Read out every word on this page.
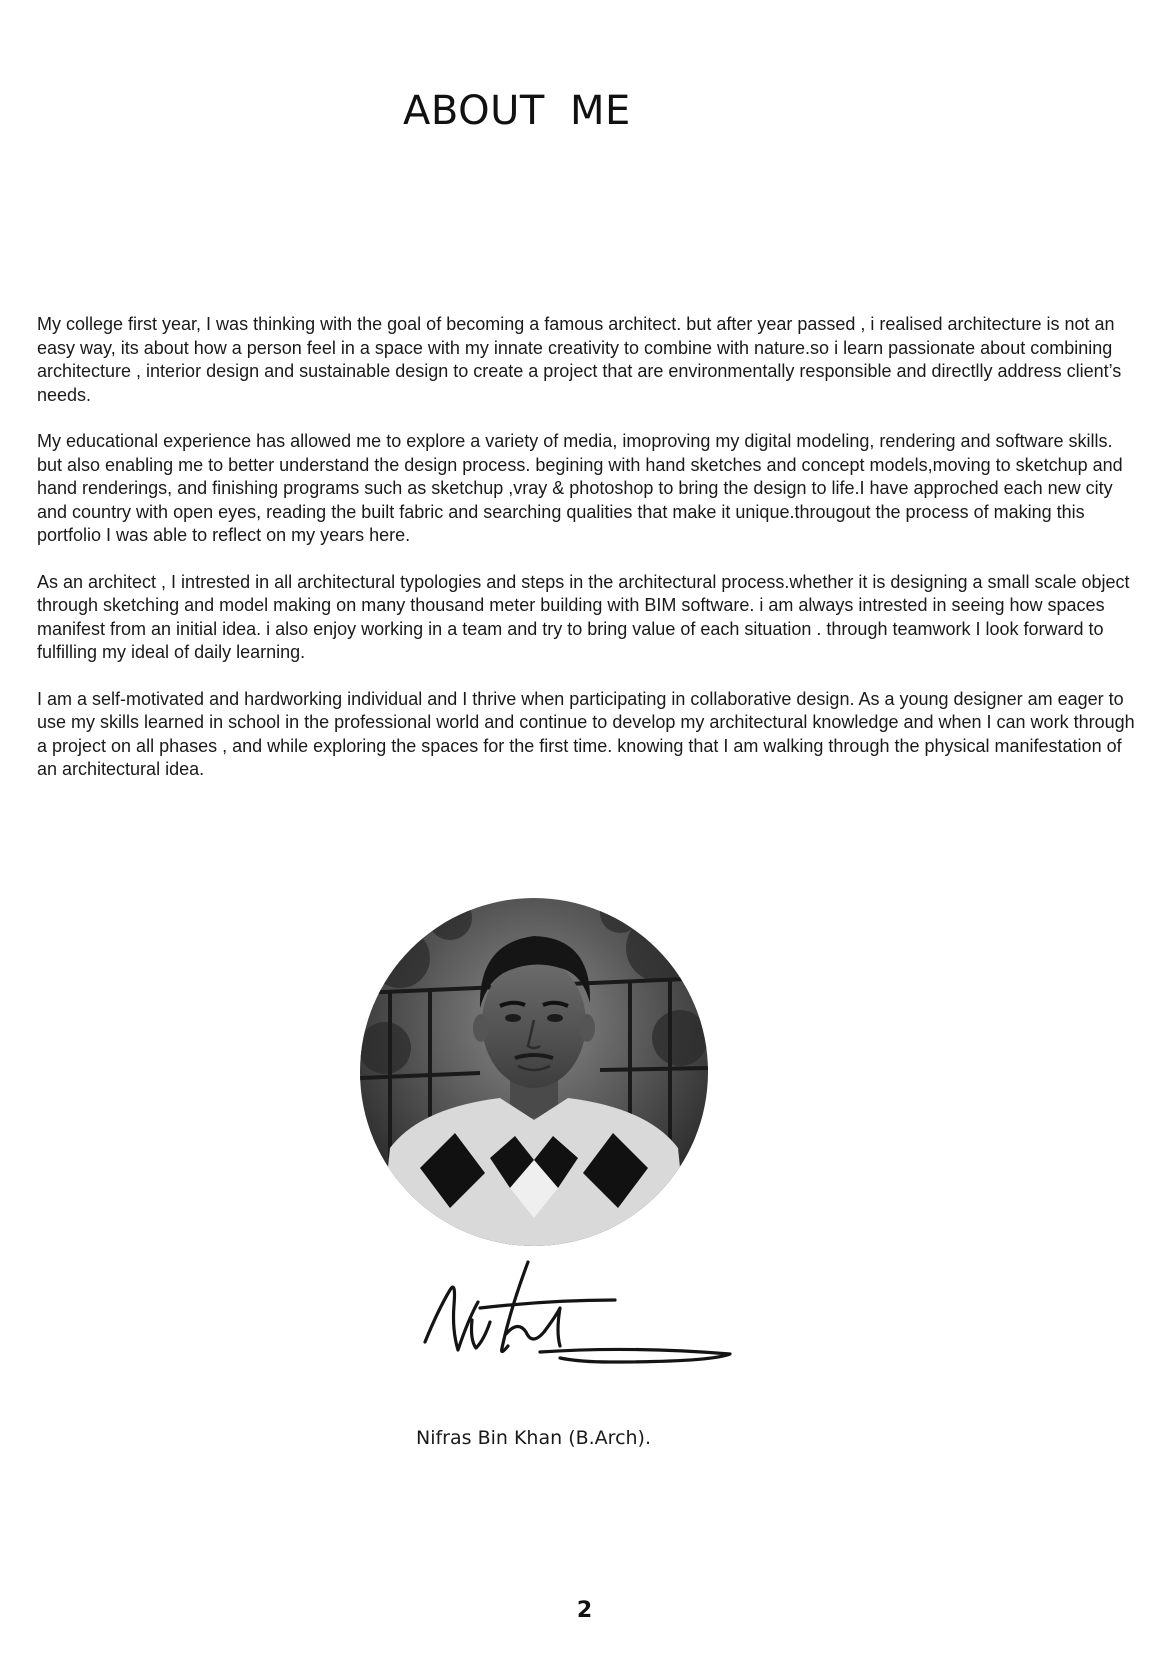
ABOUT ME

My college first year, I was thinking with the goal of becoming a famous architect. but after year passed , i realised architecture is not an easy way, its about how a person feel in a space with my innate creativity to combine with nature.so i learn passionate about combining architecture , interior design and sustainable design to create a project that are environmentally responsible and directlly address client’s needs.

My educational experience has allowed me to explore a variety of media, imoproving my digital modeling, rendering and software skills. but also enabling me to better understand the design process. begining with hand sketches and concept models,moving to sketchup and hand renderings, and finishing programs such as sketchup ,vray & photoshop to bring the design to life.I have approched each new city and country with open eyes, reading the built fabric and searching qualities that make it unique.througout the process of making this portfolio I was able to reflect on my years here.

As an architect , I intrested in all architectural typologies and steps in the architectural process.whether it is designing a small scale object through sketching and model making on many thousand meter building with BIM software. i am always intrested in seeing how spaces manifest from an initial idea. i also enjoy working in a team and try to bring value of each situation . through teamwork I look forward to fulfilling my ideal of daily learning.

I am a self-motivated and hardworking individual and I thrive when participating in collaborative design. As a young designer am eager to use my skills learned in school in the professional world and continue to develop my architectural knowledge and when I can work through a project on all phases , and while exploring the spaces for the first time. knowing that I am walking through the physical manifestation of an architectural idea.

Nifras Bin Khan (B.Arch).
2
